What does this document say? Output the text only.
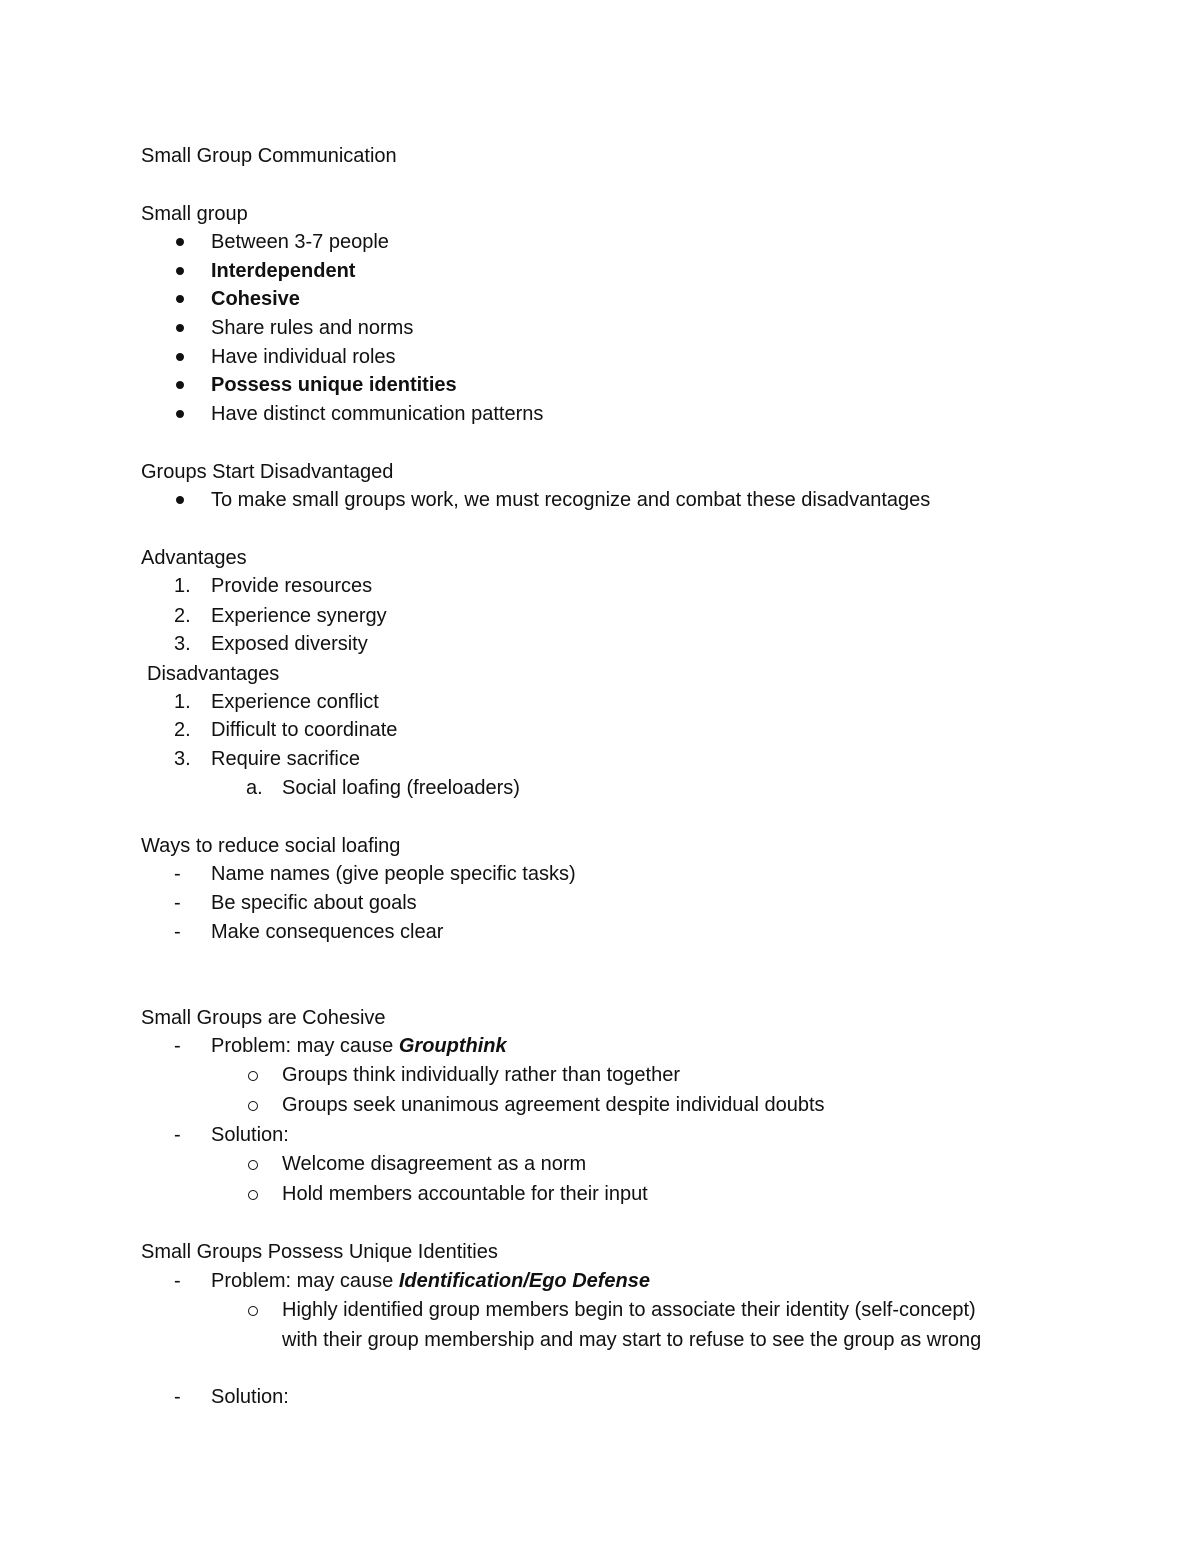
Small Group Communication
Small group
Between 3-7 people
Interdependent
Cohesive
Share rules and norms
Have individual roles
Possess unique identities
Have distinct communication patterns
Groups Start Disadvantaged
To make small groups work, we must recognize and combat these disadvantages
Advantages
1.	Provide resources
2.	Experience synergy
3.	Exposed diversity
Disadvantages
1.	Experience conflict
2.	Difficult to coordinate
3.	Require sacrifice
a. Social loafing (freeloaders)
Ways to reduce social loafing
-	Name names (give people specific tasks)
-	Be specific about goals
-	Make consequences clear
Small Groups are Cohesive
-	Problem: may cause Groupthink
Groups think individually rather than together
Groups seek unanimous agreement despite individual doubts
-	Solution:
Welcome disagreement as a norm
Hold members accountable for their input
Small Groups Possess Unique Identities
-	Problem: may cause Identification/Ego Defense
Highly identified group members begin to associate their identity (self-concept)
with their group membership and may start to refuse to see the group as wrong
-	Solution:
